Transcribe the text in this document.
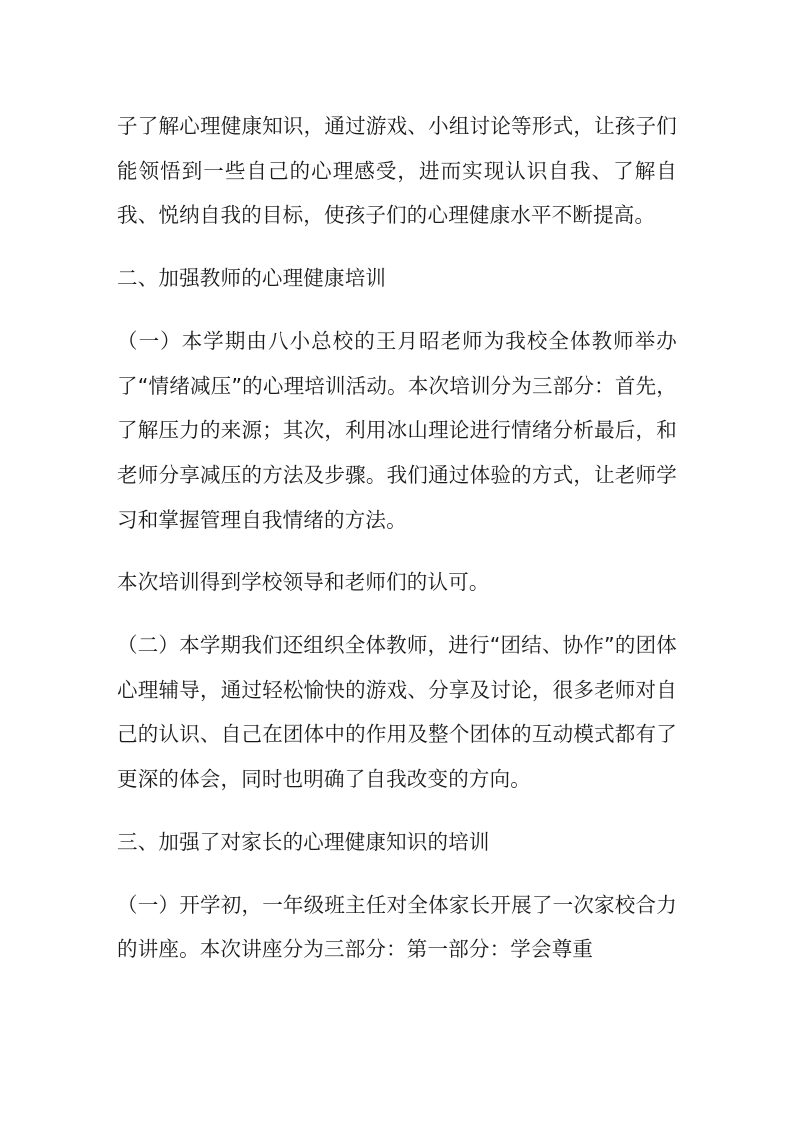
子了解心理健康知识，通过游戏、小组讨论等形式，让孩子们能领悟到一些自己的心理感受，进而实现认识自我、了解自我、悦纳自我的目标，使孩子们的心理健康水平不断提高。

二、加强教师的心理健康培训

（一）本学期由八小总校的王月昭老师为我校全体教师举办了“情绪减压”的心理培训活动。本次培训分为三部分：首先，了解压力的来源；其次，利用冰山理论进行情绪分析最后，和老师分享减压的方法及步骤。我们通过体验的方式，让老师学习和掌握管理自我情绪的方法。

本次培训得到学校领导和老师们的认可。

（二）本学期我们还组织全体教师，进行“团结、协作”的团体心理辅导，通过轻松愉快的游戏、分享及讨论，很多老师对自己的认识、自己在团体中的作用及整个团体的互动模式都有了更深的体会，同时也明确了自我改变的方向。

三、加强了对家长的心理健康知识的培训

（一）开学初，一年级班主任对全体家长开展了一次家校合力的讲座。本次讲座分为三部分：第一部分：学会尊重
